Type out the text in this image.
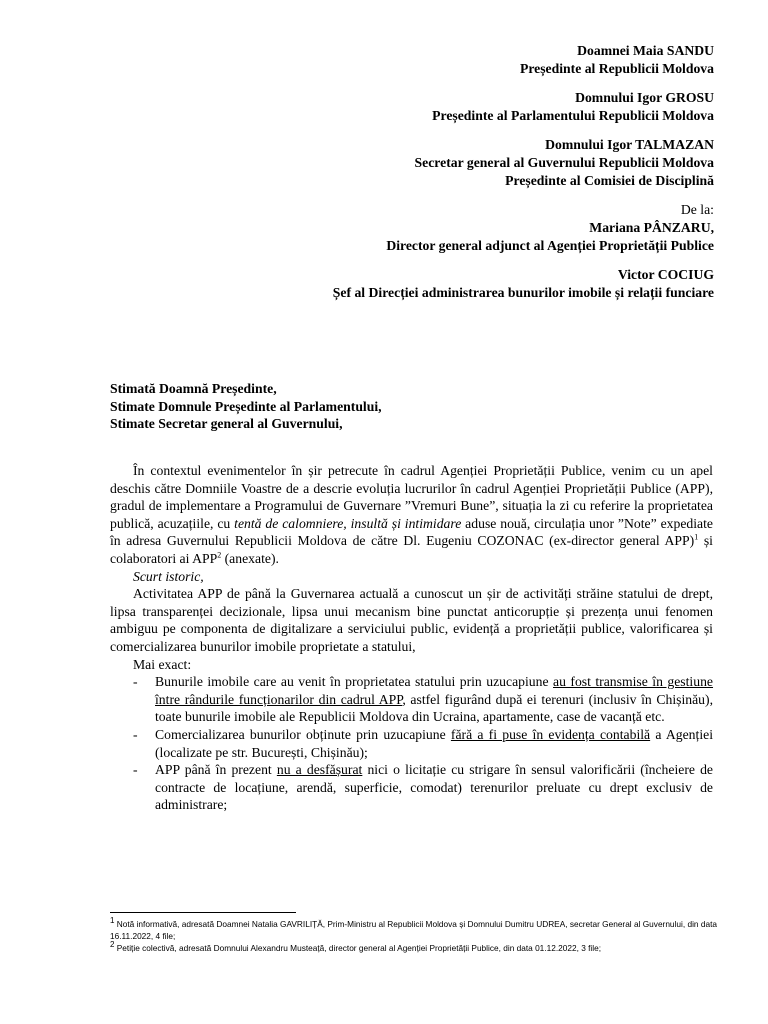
Doamnei Maia SANDU
Președinte al Republicii Moldova
Domnului Igor GROSU
Președinte al Parlamentului Republicii Moldova
Domnului Igor TALMAZAN
Secretar general al Guvernului Republicii Moldova
Președinte al Comisiei de Disciplină
De la:
Mariana PÂNZARU,
Director general adjunct al Agenției Proprietății Publice
Victor COCIUG
Șef al Direcției administrarea bunurilor imobile și relații funciare
Stimată Doamnă Președinte,
Stimate Domnule Președinte al Parlamentului,
Stimate Secretar general al Guvernului,

În contextul evenimentelor în șir petrecute în cadrul Agenției Proprietății Publice, venim cu un apel deschis către Domniile Voastre de a descrie evoluția lucrurilor în cadrul Agenției Proprietății Publice (APP), gradul de implementare a Programului de Guvernare ”Vremuri Bune”, situația la zi cu referire la proprietatea publică, acuzațiile, cu tentă de calomniere, insultă și intimidare aduse nouă, circulația unor ”Note” expediate în adresa Guvernului Republicii Moldova de către Dl. Eugeniu COZONAC (ex-director general APP)$^1$ și colaboratori ai APP$^2$ (anexate).

Scurt istoric,

Activitatea APP de până la Guvernarea actuală a cunoscut un șir de activități străine statului de drept, lipsa transparenței decizionale, lipsa unui mecanism bine punctat anticorupție și prezența unui fenomen ambiguu pe componenta de digitalizare a serviciului public, evidență a proprietății publice, valorificarea și comercializarea bunurilor imobile proprietate a statului,

Mai exact:

- Bunurile imobile care au venit în proprietatea statului prin uzucapiune au fost transmise în gestiune între rândurile funcționarilor din cadrul APP, astfel figurând după ei terenuri (inclusiv în Chișinău), toate bunurile imobile ale Republicii Moldova din Ucraina, apartamente, case de vacanță etc.
- Comercializarea bunurilor obținute prin uzucapiune fără a fi puse în evidența contabilă a Agenției (localizate pe str. București, Chișinău);
- APP până în prezent nu a desfășurat nici o licitație cu strigare în sensul valorificării (încheiere de contracte de locațiune, arendă, superficie, comodat) terenurilor preluate cu drept exclusiv de administrare;

$^1$ Notă informativă, adresată Doamnei Natalia GAVRILIȚĂ, Prim-Ministru al Republicii Moldova și Domnului Dumitru UDREA, secretar General al Guvernului, din data 16.11.2022, 4 file;

$^2$ Petiție colectivă, adresată Domnului Alexandru Musteață, director general al Agenției Proprietății Publice, din data 01.12.2022, 3 file;
